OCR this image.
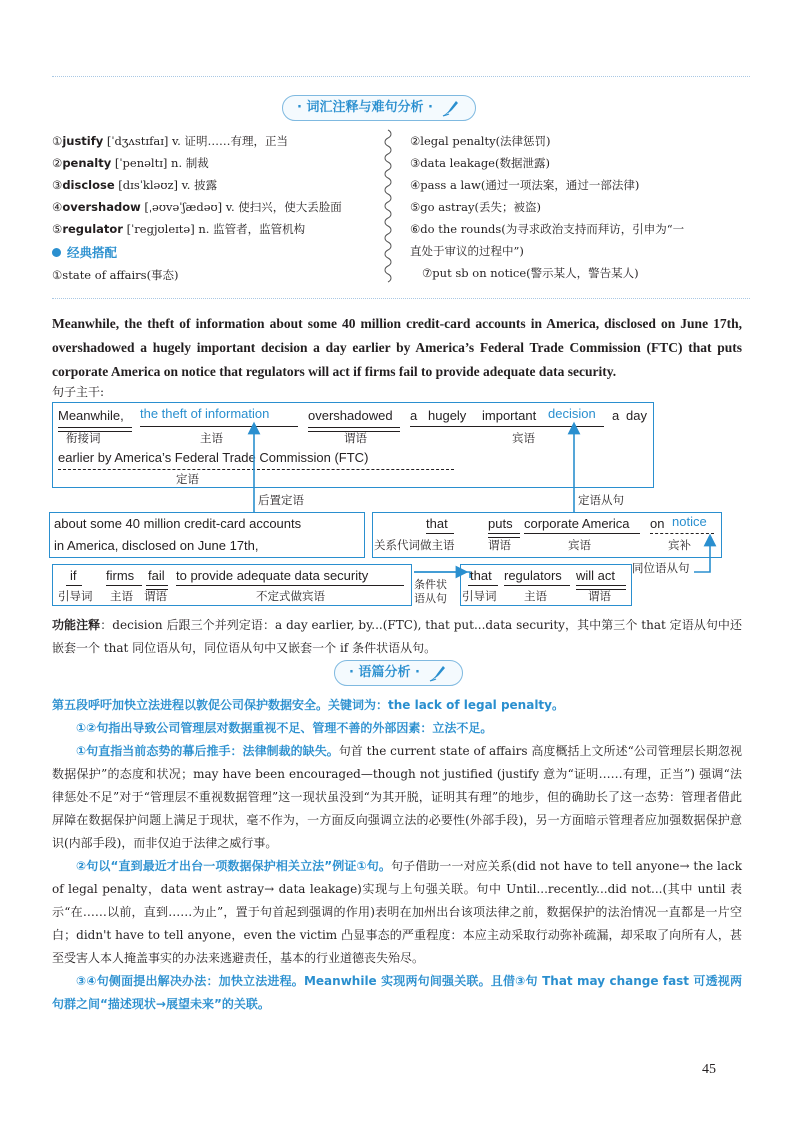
· 词汇注释与难句分析 ·
①justify [ˈdʒʌstɪfaɪ] v. 证明……有理，正当
②penalty [ˈpenəltɪ] n. 制裁
③disclose [dɪsˈkləʊz] v. 披露
④overshadow [ˌəʊvəˈʃædəʊ] v. 使扫兴，使大丢脸面
⑤regulator [ˈregjʊleɪtə] n. 监管者，监管机构
经典搭配
①state of affairs(事态)
②legal penalty(法律惩罚)
③data leakage(数据泄露)
④pass a law(通过一项法案，通过一部法律)
⑤go astray(丢失；被盗)
⑥do the rounds(为寻求政治支持而拜访，引申为“一
直处于审议的过程中”)
⑦put sb on notice(警示某人，警告某人)
Meanwhile, the theft of information about some 40 million credit-card accounts in America, disclosed on June 17th, overshadowed a hugely important decision a day earlier by America’s Federal Trade Commission (FTC) that puts corporate America on notice that regulators will act if firms fail to provide adequate data security.
句子主干:
Meanwhile,
衔接词
the theft of information
主语
overshadowed
谓语
a hugely important decision
宾语
a day
earlier by America’s Federal Trade Commission (FTC)
定语
后置定语	定语从句
about some 40 million credit-card accounts
in America, disclosed on June 17th,
that
关系代词做主语
puts
谓语
corporate America
宾语
on notice
宾补
同位语从句
if
引导词
firms
主语
fail
谓语
to provide adequate data security
不定式做宾语
条件状
语从句
that
引导词
regulators
主语
will act
谓语
功能注释：decision 后跟三个并列定语：a day earlier, by...(FTC), that put...data security，其中第三个 that 定语从句中还嵌套一个 that 同位语从句，同位语从句中又嵌套一个 if 条件状语从句。
· 语篇分析 ·
第五段呼吁加快立法进程以敦促公司保护数据安全。关键词为：the lack of legal penalty。
①②句指出导致公司管理层对数据重视不足、管理不善的外部因素：立法不足。
①句直指当前态势的幕后推手：法律制裁的缺失。句首 the current state of affairs 高度概括上文所述“公司管理层长期忽视数据保护”的态度和状况；may have been encouraged—though not justified (justify 意为“证明……有理，正当”) 强调“法律惩处不足”对于“管理层不重视数据管理”这一现状虽没到“为其开脱，证明其有理”的地步，但的确助长了这一态势：管理者借此屏障在数据保护问题上满足于现状，毫不作为，一方面反向强调立法的必要性(外部手段)，另一方面暗示管理者应加强数据保护意识(内部手段)，而非仅迫于法律之威行事。
②句以“直到最近才出台一项数据保护相关立法”例证①句。句子借助一一对应关系(did not have to tell anyone→ the lack of legal penalty，data went astray→ data leakage)实现与上句强关联。句中 Until...recently...did not...(其中 until 表示“在……以前，直到……为止”，置于句首起到强调的作用)表明在加州出台该项法律之前，数据保护的法治情况一直都是一片空白；didn't have to tell anyone，even the victim 凸显事态的严重程度：本应主动采取行动弥补疏漏，却采取了向所有人，甚至受害人本人掩盖事实的办法来逃避责任，基本的行业道德丧失殆尽。
③④句侧面提出解决办法：加快立法进程。Meanwhile 实现两句间强关联。且借③句 That may change fast 可透视两句群之间“描述现状→展望未来”的关联。
45
